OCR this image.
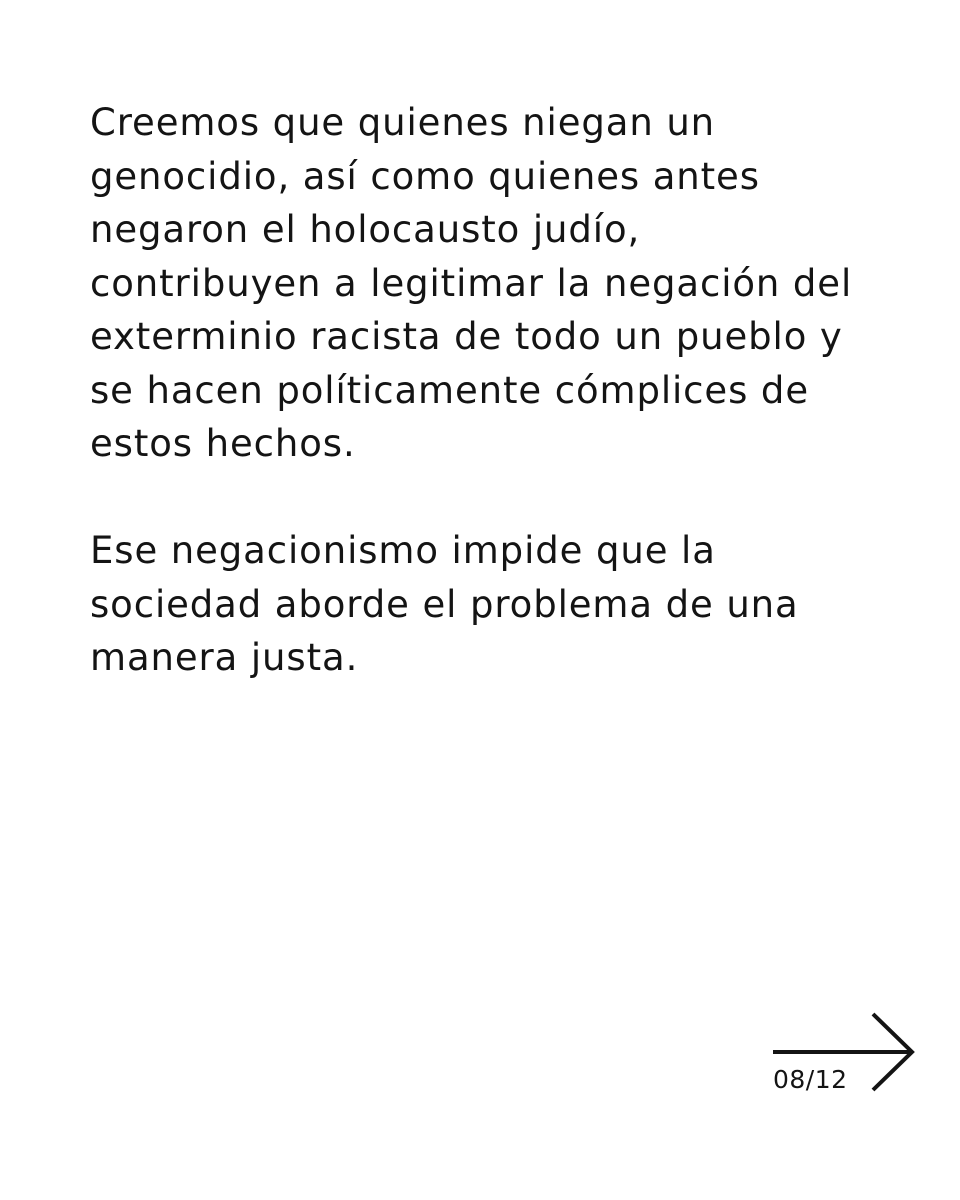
Creemos que quienes niegan un
genocidio, así como quienes antes
negaron el holocausto judío,
contribuyen a legitimar la negación del
exterminio racista de todo un pueblo y
se hacen políticamente cómplices de
estos hechos.

Ese negacionismo impide que la
sociedad aborde el problema de una
manera justa.

08/12
